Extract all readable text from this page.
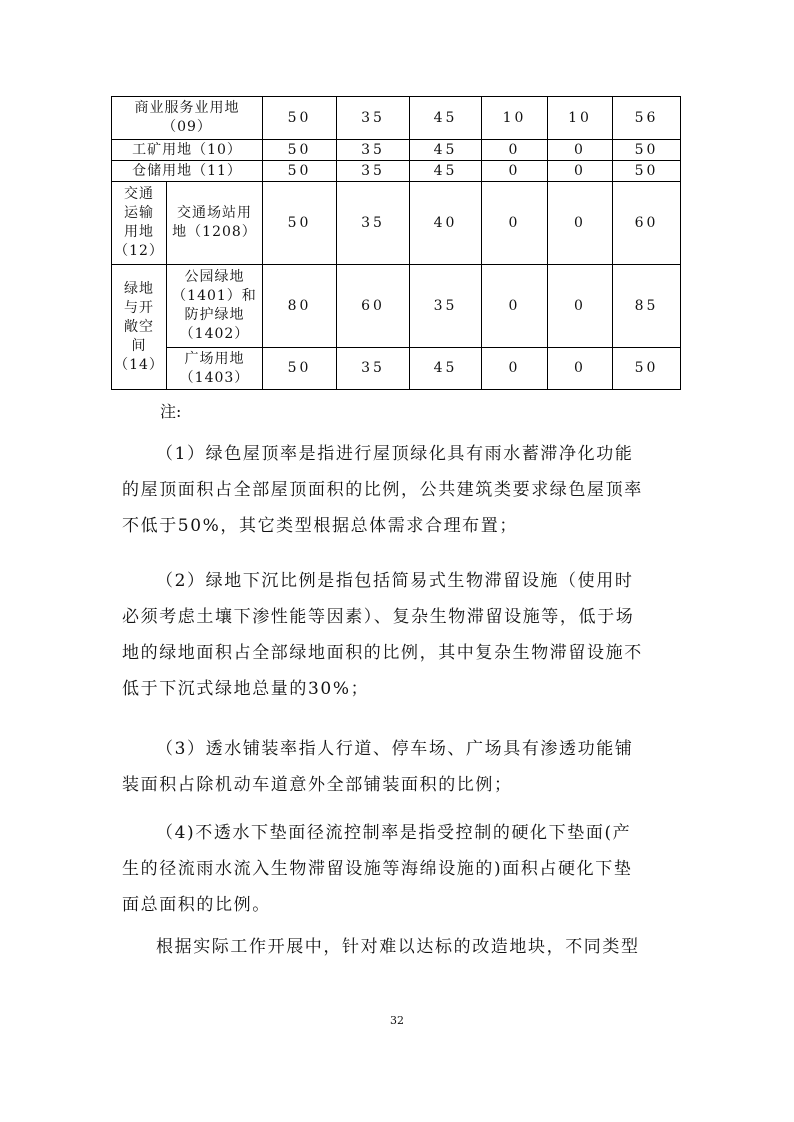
商业服务业用地
（09）		50	35	45	10	10	56
工矿用地（10）		50	35	45	0	0	50
仓储用地（11）		50	35	45	0	0	50

交通
运输
用地
（12）	交通场站用
地（1208）	50	35	40	0	0	60

绿地
与开
敞空
间
（14）	公园绿地
（1401）和
防护绿地
（1402）	80	60	35	0	0	85

	广场用地
（1403）	50	35	45	0	0	50
注:

（1）绿色屋顶率是指进行屋顶绿化具有雨水蓄滞净化功能
的屋顶面积占全部屋顶面积的比例，公共建筑类要求绿色屋顶率
不低于50%，其它类型根据总体需求合理布置；

（2）绿地下沉比例是指包括简易式生物滞留设施（使用时
必须考虑土壤下渗性能等因素）、复杂生物滞留设施等，低于场
地的绿地面积占全部绿地面积的比例，其中复杂生物滞留设施不
低于下沉式绿地总量的30%；

（3）透水铺装率指人行道、停车场、广场具有渗透功能铺
装面积占除机动车道意外全部铺装面积的比例；

（4)不透水下垫面径流控制率是指受控制的硬化下垫面(产
生的径流雨水流入生物滞留设施等海绵设施的)面积占硬化下垫
面总面积的比例。

根据实际工作开展中，针对难以达标的改造地块，不同类型

32
